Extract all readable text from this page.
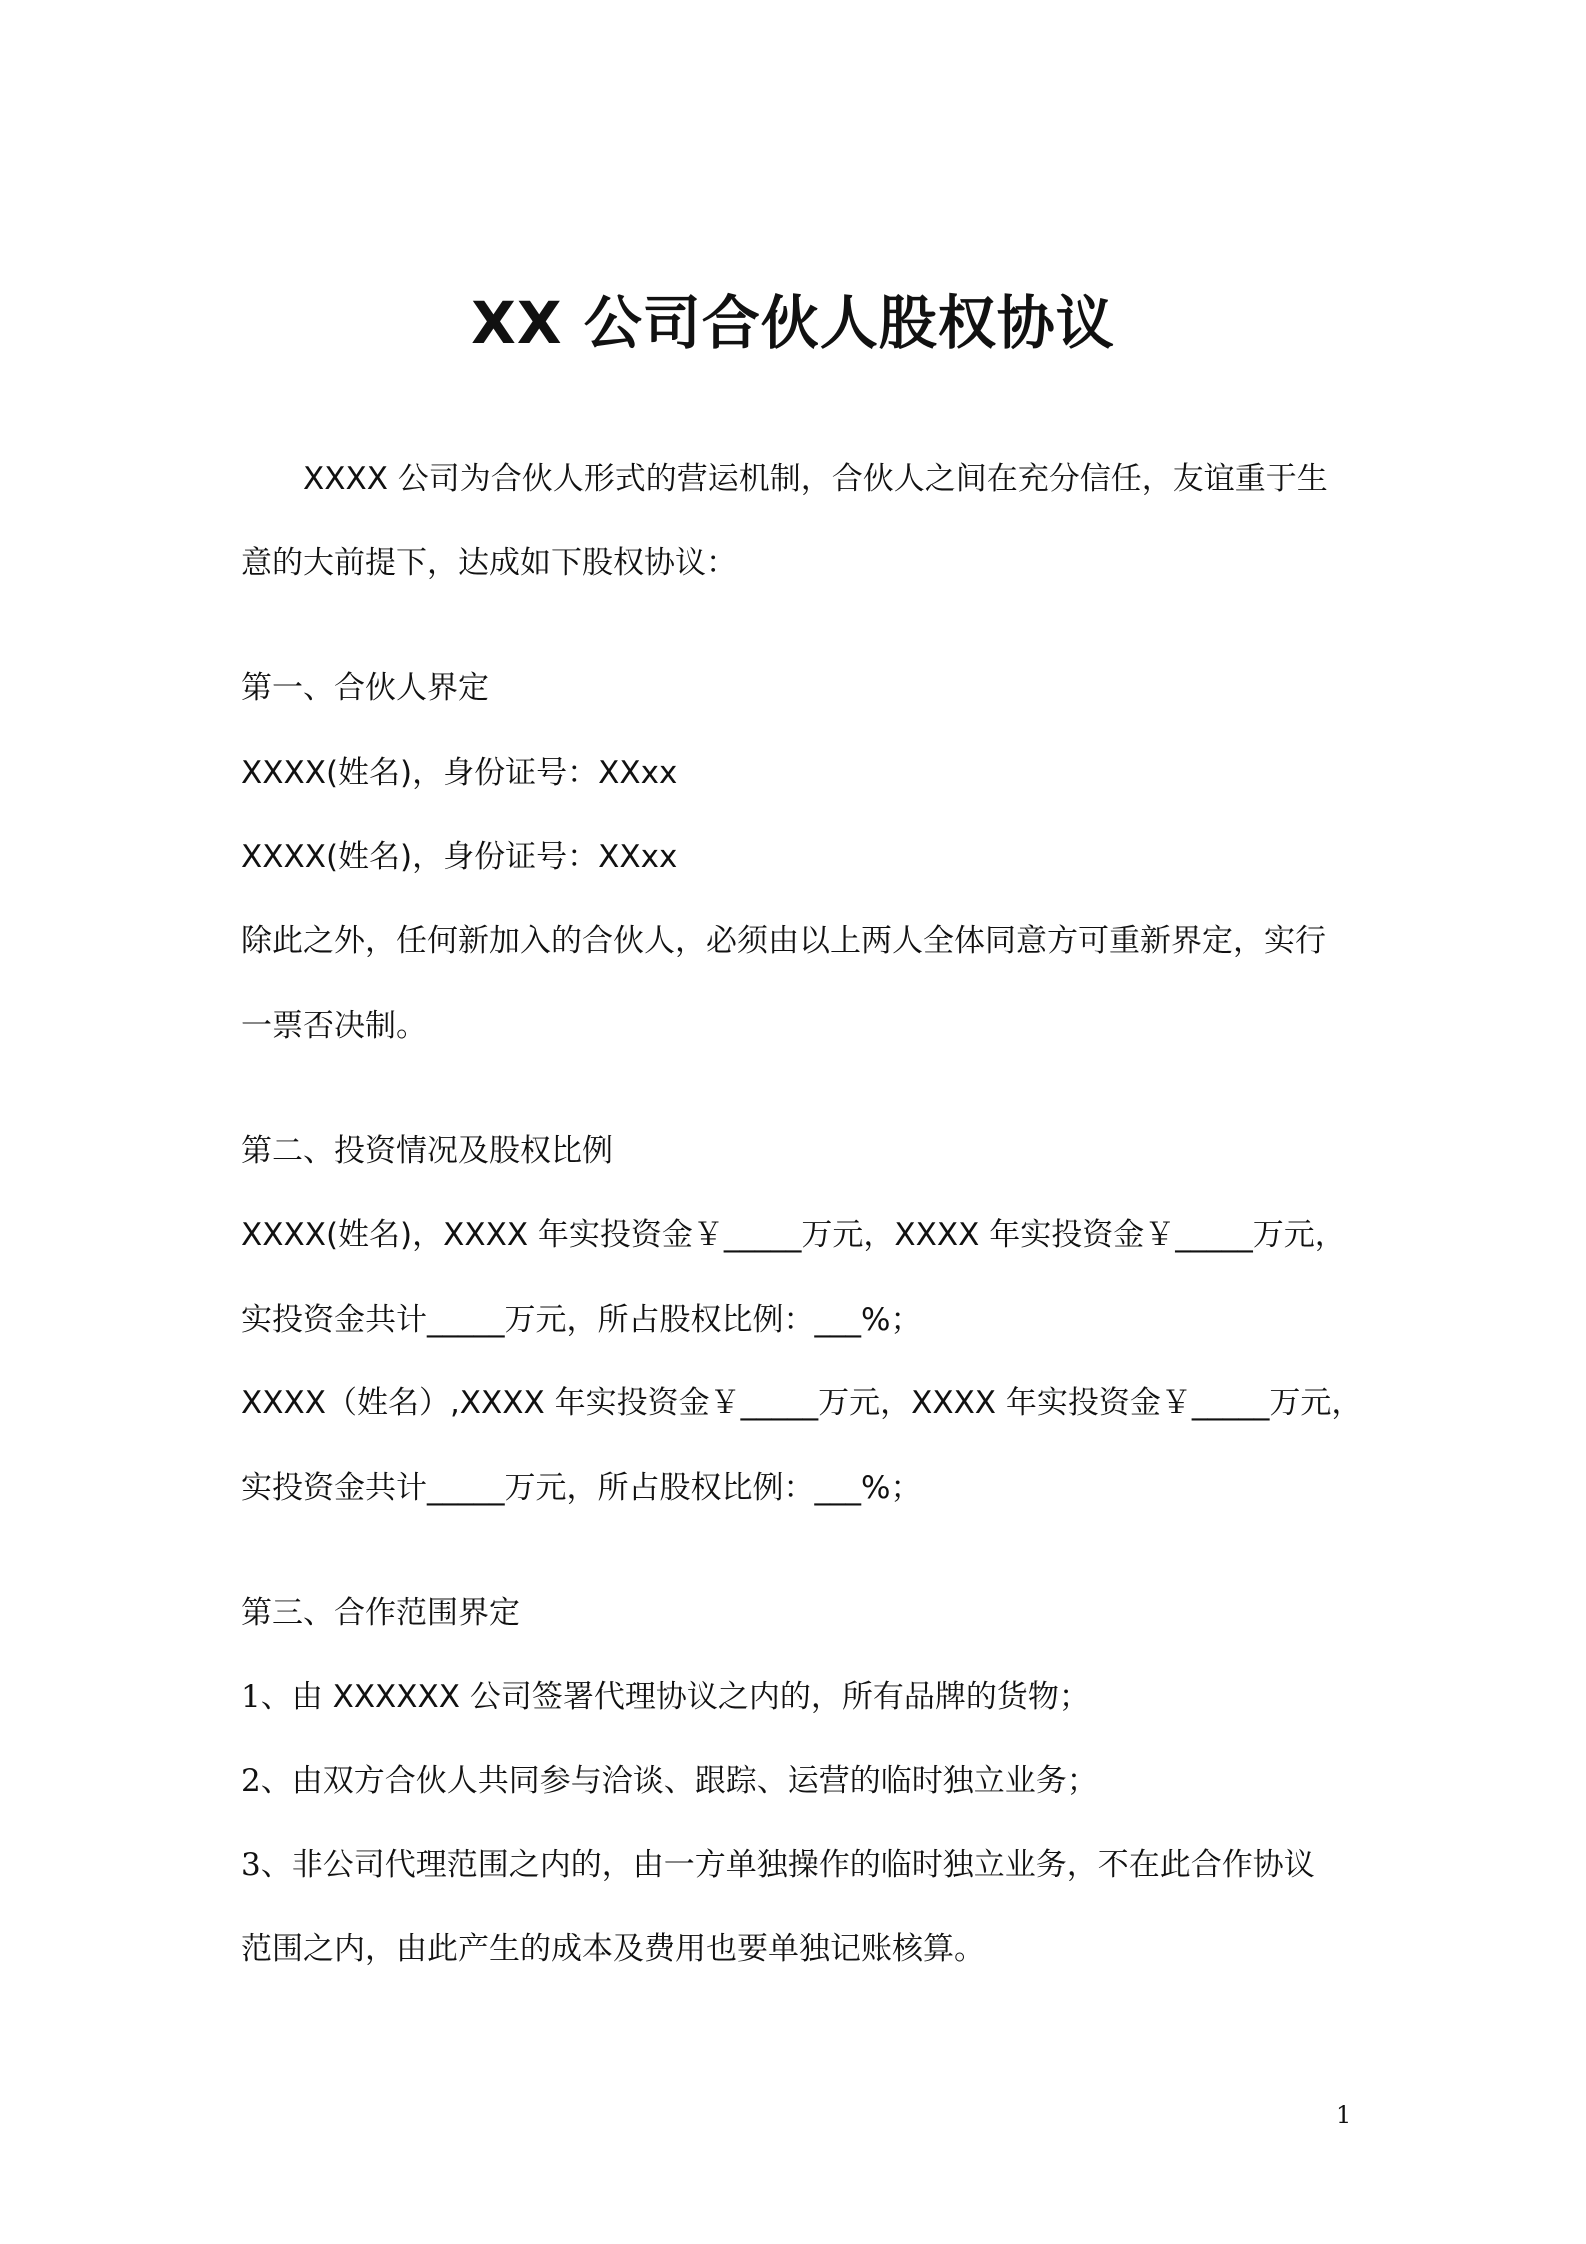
XX 公司合伙人股权协议
XXXX 公司为合伙人形式的营运机制，合伙人之间在充分信任，友谊重于生
意的大前提下，达成如下股权协议：
第一、合伙人界定
XXXX(姓名)，身份证号：XXxx
XXXX(姓名)，身份证号：XXxx
除此之外，任何新加入的合伙人，必须由以上两人全体同意方可重新界定，实行
一票否决制。
第二、投资情况及股权比例
XXXX(姓名)，XXXX 年实投资金￥_____万元，XXXX 年实投资金￥_____万元，
实投资金共计_____万元，所占股权比例：___%；
XXXX（姓名）,XXXX 年实投资金￥_____万元，XXXX 年实投资金￥_____万元，
实投资金共计_____万元，所占股权比例：___%；
第三、合作范围界定
1、由 XXXXXX 公司签署代理协议之内的，所有品牌的货物；
2、由双方合伙人共同参与洽谈、跟踪、运营的临时独立业务；
3、非公司代理范围之内的，由一方单独操作的临时独立业务，不在此合作协议
范围之内，由此产生的成本及费用也要单独记账核算。
1
